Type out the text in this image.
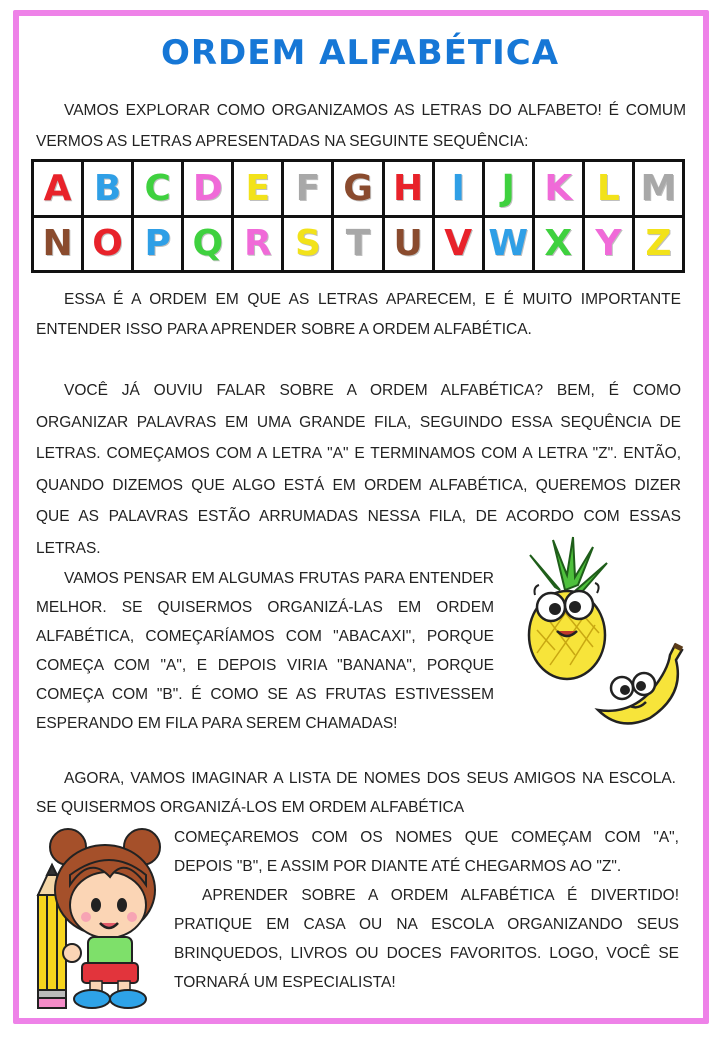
ORDEM ALFABÉTICA

VAMOS EXPLORAR COMO ORGANIZAMOS AS LETRAS DO ALFABETO! É COMUM VERMOS AS LETRAS APRESENTADAS NA SEGUINTE SEQUÊNCIA:

A B C D E F G H I	J K L M
N O P Q R S T U V W X Y Z

ESSA É A ORDEM EM QUE AS LETRAS APARECEM, E É MUITO IMPORTANTE ENTENDER ISSO PARA APRENDER SOBRE A ORDEM ALFABÉTICA.

VOCÊ JÁ OUVIU FALAR SOBRE A ORDEM ALFABÉTICA? BEM, É COMO ORGANIZAR PALAVRAS EM UMA GRANDE FILA, SEGUINDO ESSA SEQUÊNCIA DE LETRAS. COMEÇAMOS COM A LETRA "A" E TERMINAMOS COM A LETRA "Z". ENTÃO, QUANDO DIZEMOS QUE ALGO ESTÁ EM ORDEM ALFABÉTICA, QUEREMOS DIZER QUE AS PALAVRAS ESTÃO ARRUMADAS NESSA FILA, DE ACORDO COM ESSAS LETRAS.

VAMOS PENSAR EM ALGUMAS FRUTAS PARA ENTENDER MELHOR. SE QUISERMOS ORGANIZÁ-LAS EM ORDEM ALFABÉTICA, COMEÇARÍAMOS COM "ABACAXI", PORQUE COMEÇA COM "A", E DEPOIS VIRIA "BANANA", PORQUE COMEÇA COM "B". É COMO SE AS FRUTAS ESTIVESSEM ESPERANDO EM FILA PARA SEREM CHAMADAS!

AGORA, VAMOS IMAGINAR A LISTA DE NOMES DOS SEUS AMIGOS NA ESCOLA. SE QUISERMOS ORGANIZÁ-LOS EM ORDEM ALFABÉTICA

COMEÇAREMOS COM OS NOMES QUE COMEÇAM COM "A", DEPOIS "B", E ASSIM POR DIANTE ATÉ CHEGARMOS AO "Z".

APRENDER SOBRE A ORDEM ALFABÉTICA É DIVERTIDO! PRATIQUE EM CASA OU NA ESCOLA ORGANIZANDO SEUS BRINQUEDOS, LIVROS OU DOCES FAVORITOS. LOGO, VOCÊ SE TORNARÁ UM ESPECIALISTA!
